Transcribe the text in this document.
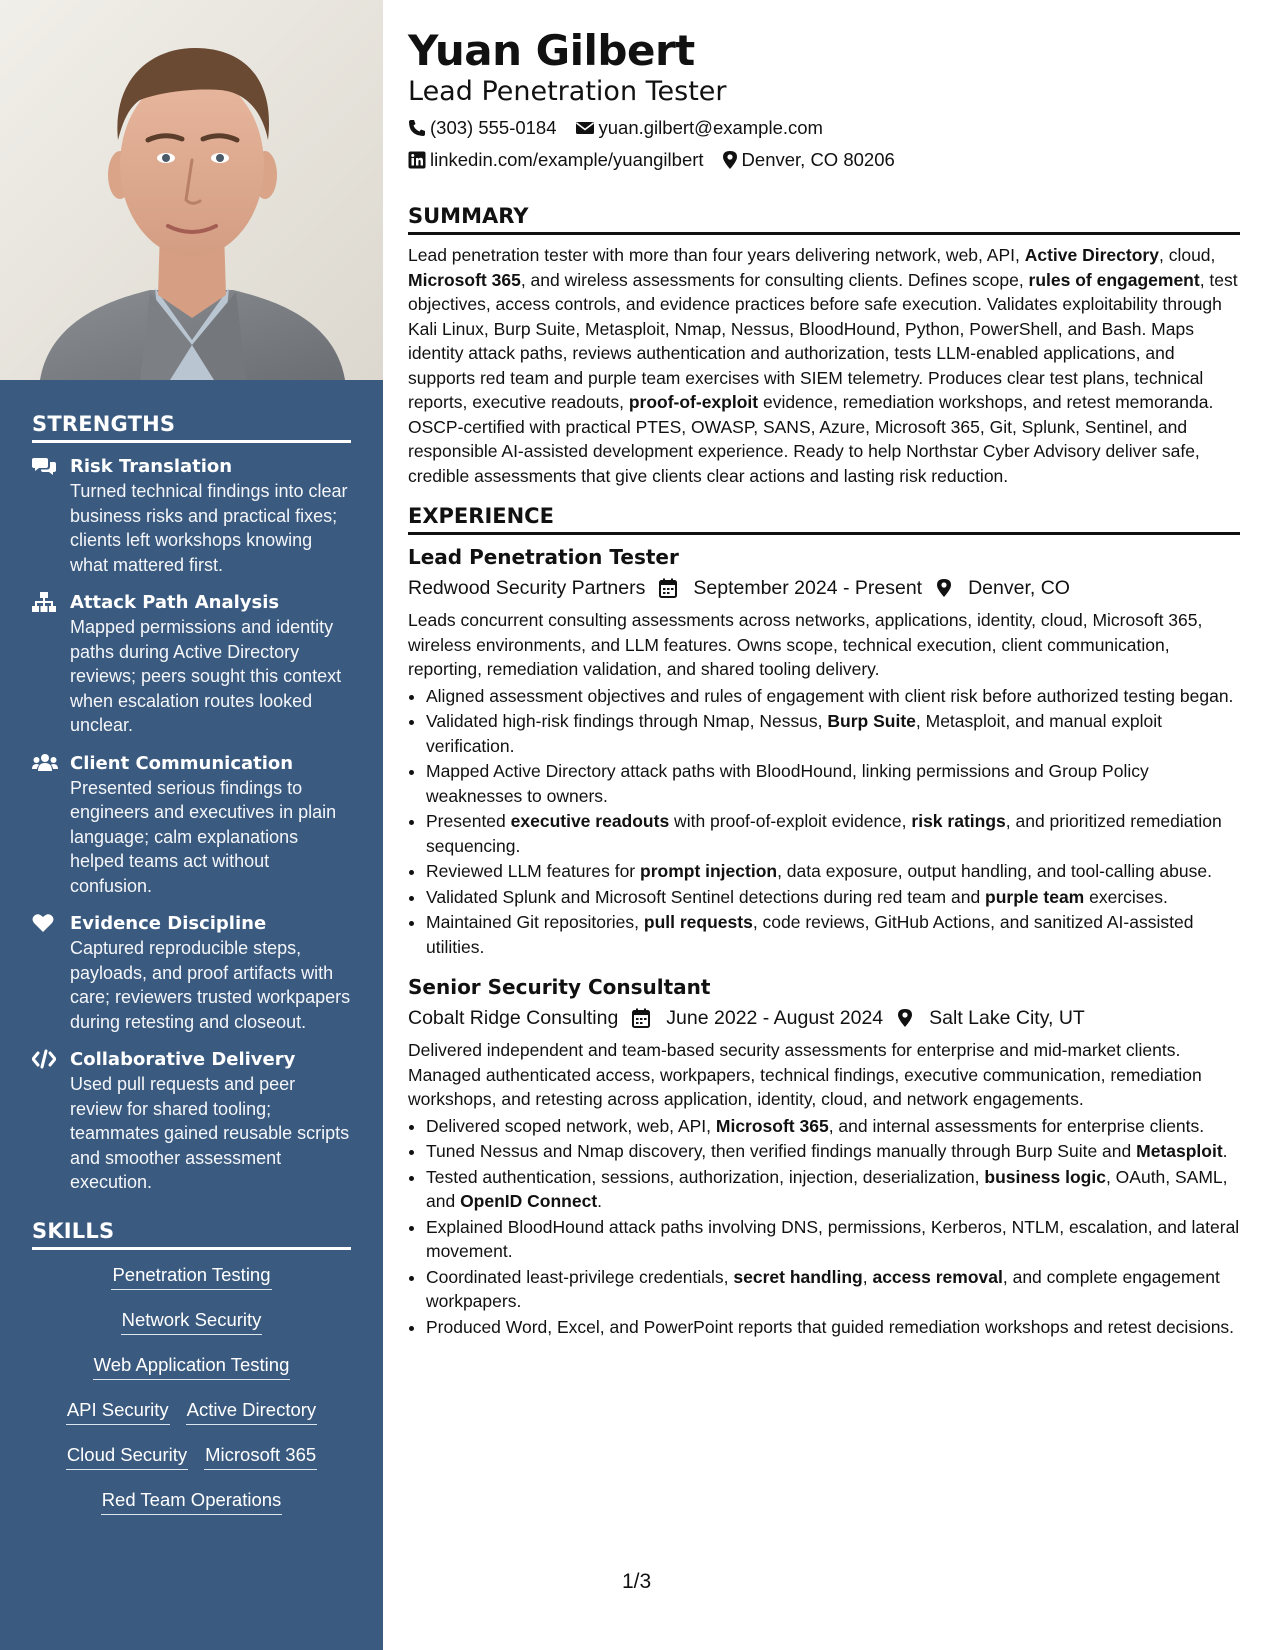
STRENGTHS
Risk Translation
Turned technical findings into clear business risks and practical fixes; clients left workshops knowing what mattered first.
Attack Path Analysis
Mapped permissions and identity paths during Active Directory reviews; peers sought this context when escalation routes looked unclear.
Client Communication
Presented serious findings to engineers and executives in plain language; calm explanations helped teams act without confusion.
Evidence Discipline
Captured reproducible steps, payloads, and proof artifacts with care; reviewers trusted workpapers during retesting and closeout.
Collaborative Delivery
Used pull requests and peer review for shared tooling; teammates gained reusable scripts and smoother assessment execution.
SKILLS
Penetration Testing
Network Security
Web Application Testing
API Security Active Directory
Cloud Security Microsoft 365
Red Team Operations
Yuan Gilbert
Lead Penetration Tester
(303) 555-0184 yuan.gilbert@example.com
linkedin.com/example/yuangilbert Denver, CO 80206
SUMMARY
Lead penetration tester with more than four years delivering network, web, API, Active Directory, cloud, Microsoft 365, and wireless assessments for consulting clients. Defines scope, rules of engagement, test objectives, access controls, and evidence practices before safe execution. Validates exploitability through Kali Linux, Burp Suite, Metasploit, Nmap, Nessus, BloodHound, Python, PowerShell, and Bash. Maps identity attack paths, reviews authentication and authorization, tests LLM-enabled applications, and supports red team and purple team exercises with SIEM telemetry. Produces clear test plans, technical reports, executive readouts, proof-of-exploit evidence, remediation workshops, and retest memoranda. OSCP-certified with practical PTES, OWASP, SANS, Azure, Microsoft 365, Git, Splunk, Sentinel, and responsible AI-assisted development experience. Ready to help Northstar Cyber Advisory deliver safe, credible assessments that give clients clear actions and lasting risk reduction.
EXPERIENCE
Lead Penetration Tester
Redwood Security Partners September 2024 - Present Denver, CO
Leads concurrent consulting assessments across networks, applications, identity, cloud, Microsoft 365, wireless environments, and LLM features. Owns scope, technical execution, client communication, reporting, remediation validation, and shared tooling delivery.
• Aligned assessment objectives and rules of engagement with client risk before authorized testing began.
• Validated high-risk findings through Nmap, Nessus, Burp Suite, Metasploit, and manual exploit verification.
• Mapped Active Directory attack paths with BloodHound, linking permissions and Group Policy weaknesses to owners.
• Presented executive readouts with proof-of-exploit evidence, risk ratings, and prioritized remediation sequencing.
• Reviewed LLM features for prompt injection, data exposure, output handling, and tool-calling abuse.
• Validated Splunk and Microsoft Sentinel detections during red team and purple team exercises.
• Maintained Git repositories, pull requests, code reviews, GitHub Actions, and sanitized AI-assisted utilities.
Senior Security Consultant
Cobalt Ridge Consulting June 2022 - August 2024 Salt Lake City, UT
Delivered independent and team-based security assessments for enterprise and mid-market clients. Managed authenticated access, workpapers, technical findings, executive communication, remediation workshops, and retesting across application, identity, cloud, and network engagements.
• Delivered scoped network, web, API, Microsoft 365, and internal assessments for enterprise clients.
• Tuned Nessus and Nmap discovery, then verified findings manually through Burp Suite and Metasploit.
• Tested authentication, sessions, authorization, injection, deserialization, business logic, OAuth, SAML, and OpenID Connect.
• Explained BloodHound attack paths involving DNS, permissions, Kerberos, NTLM, escalation, and lateral movement.
• Coordinated least-privilege credentials, secret handling, access removal, and complete engagement workpapers.
• Produced Word, Excel, and PowerPoint reports that guided remediation workshops and retest decisions.
1/3
